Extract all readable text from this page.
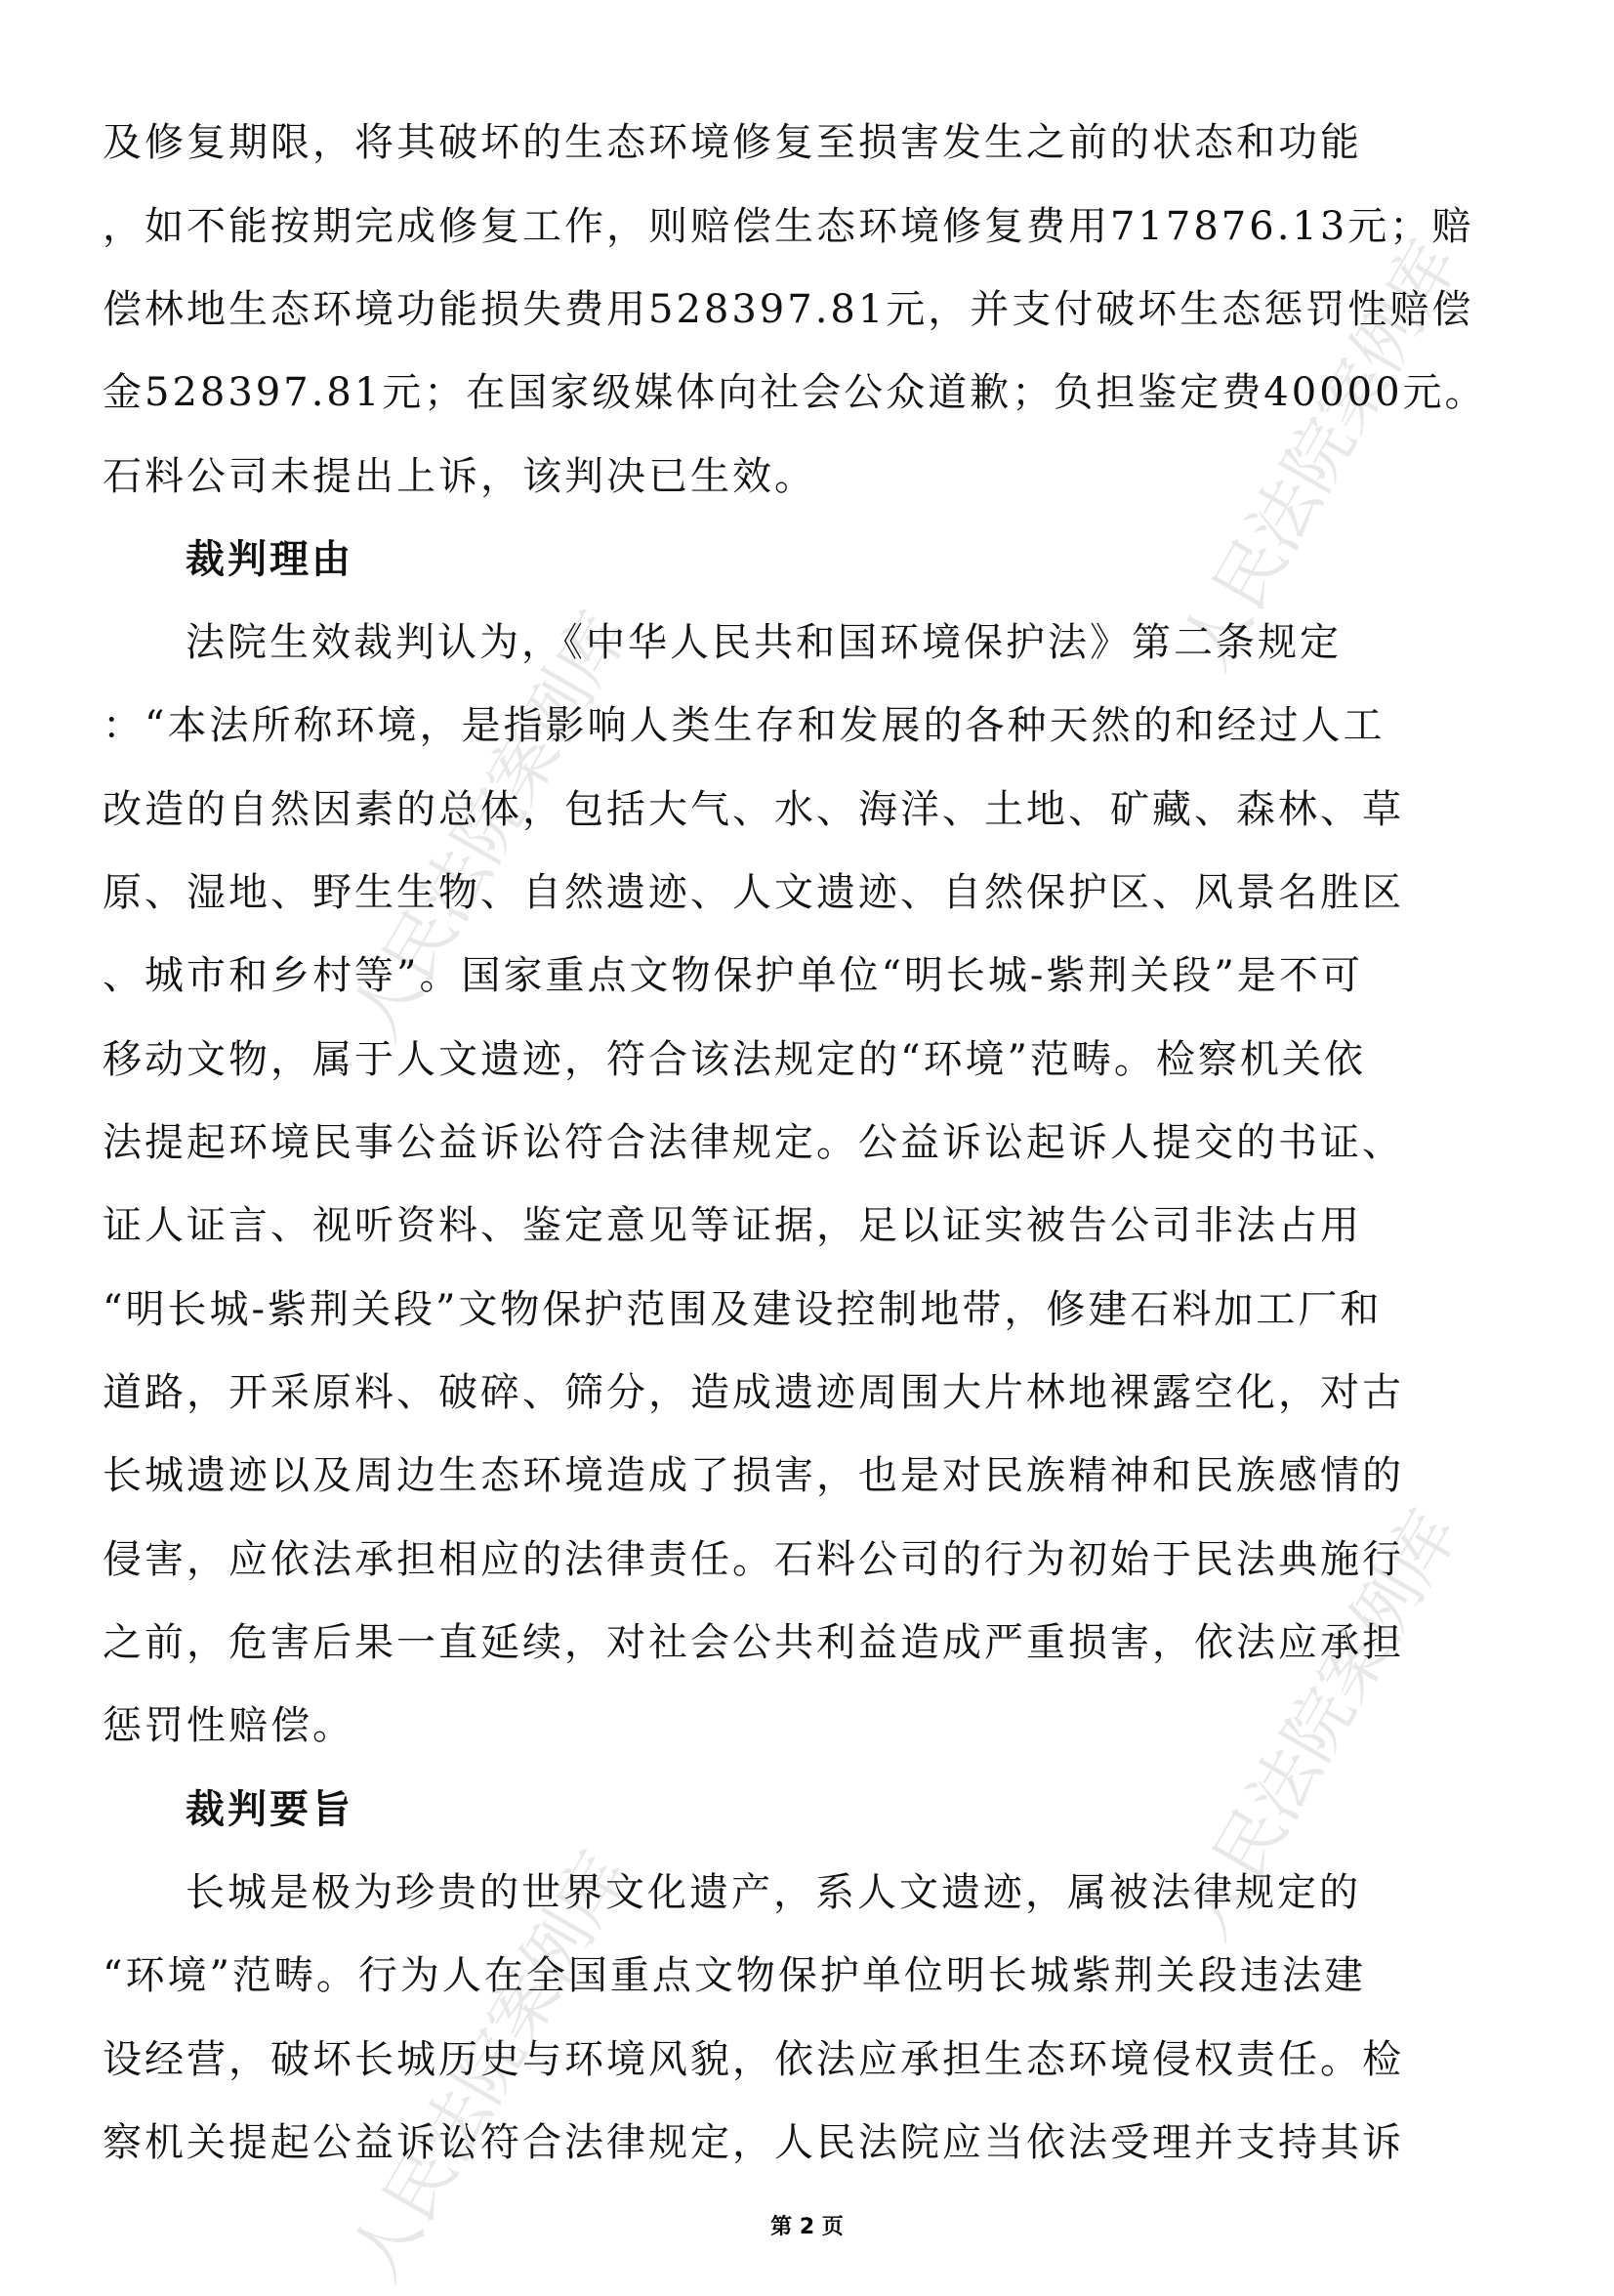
人民法院案例库
人民法院案例库
人民法院案例库
人民法院案例库
及修复期限，将其破坏的生态环境修复至损害发生之前的状态和功能
，如不能按期完成修复工作，则赔偿生态环境修复费用717876.13元；赔
偿林地生态环境功能损失费用528397.81元，并支付破坏生态惩罚性赔偿
金528397.81元；在国家级媒体向社会公众道歉；负担鉴定费40000元。
石料公司未提出上诉，该判决已生效。
裁判理由
法院生效裁判认为，《中华人民共和国环境保护法》第二条规定
：“本法所称环境，是指影响人类生存和发展的各种天然的和经过人工
改造的自然因素的总体，包括大气、水、海洋、土地、矿藏、森林、草
原、湿地、野生生物、自然遗迹、人文遗迹、自然保护区、风景名胜区
、城市和乡村等”。国家重点文物保护单位“明长城-紫荆关段”是不可
移动文物，属于人文遗迹，符合该法规定的“环境”范畴。检察机关依
法提起环境民事公益诉讼符合法律规定。公益诉讼起诉人提交的书证、
证人证言、视听资料、鉴定意见等证据，足以证实被告公司非法占用
“明长城-紫荆关段”文物保护范围及建设控制地带，修建石料加工厂和
道路，开采原料、破碎、筛分，造成遗迹周围大片林地裸露空化，对古
长城遗迹以及周边生态环境造成了损害，也是对民族精神和民族感情的
侵害，应依法承担相应的法律责任。石料公司的行为初始于民法典施行
之前，危害后果一直延续，对社会公共利益造成严重损害，依法应承担
惩罚性赔偿。
裁判要旨
长城是极为珍贵的世界文化遗产，系人文遗迹，属被法律规定的
“环境”范畴。行为人在全国重点文物保护单位明长城紫荆关段违法建
设经营，破坏长城历史与环境风貌，依法应承担生态环境侵权责任。检
察机关提起公益诉讼符合法律规定，人民法院应当依法受理并支持其诉
第 2 页
